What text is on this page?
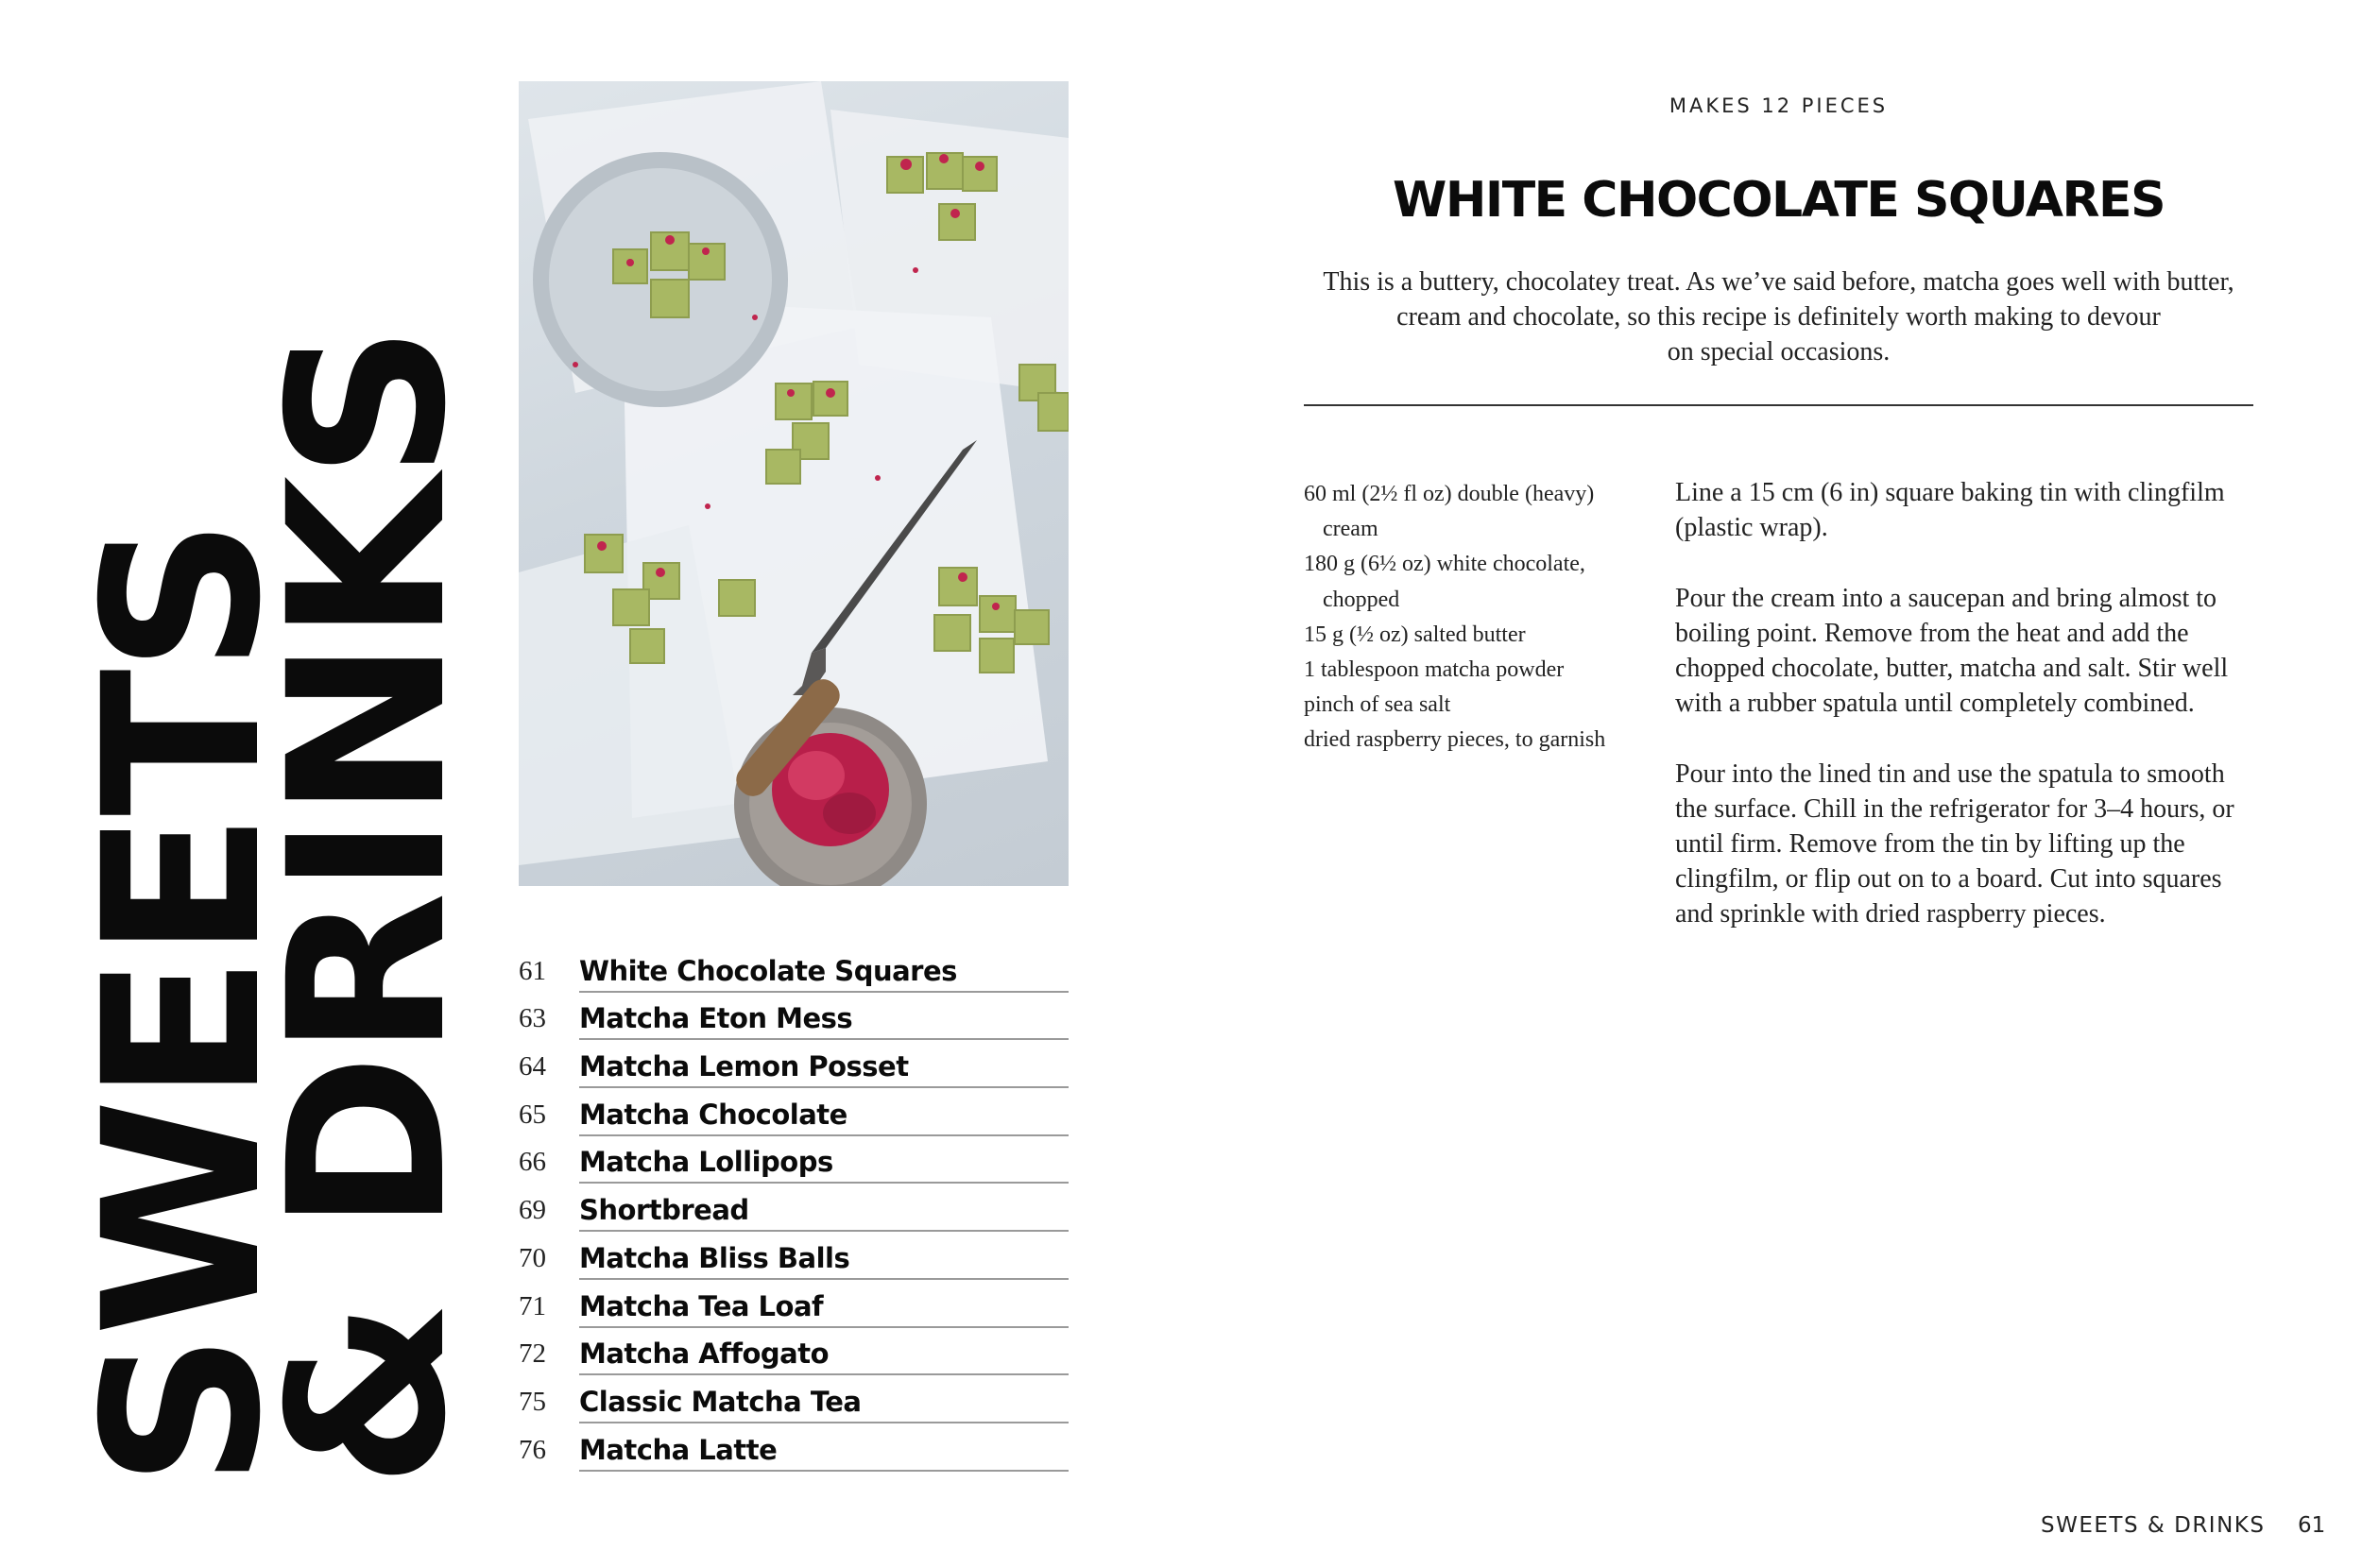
SWEETS
& DRINKS 61	White Chocolate Squares
63	Matcha Eton Mess
64	Matcha Lemon Posset
65	Matcha Chocolate
66	Matcha Lollipops
69	Shortbread
70	Matcha Bliss Balls
71	Matcha Tea Loaf
72	Matcha Affogato
75	Classic Matcha Tea
76	Matcha Latte
MAKES 12 PIECES
WHITE CHOCOLATE SQUARES
This is a buttery, chocolatey treat. As we’ve said before, matcha goes well with butter,
cream and chocolate, so this recipe is definitely worth making to devour
on special occasions.
60 ml (2½ fl oz) double (heavy) cream
180 g (6½ oz) white chocolate, chopped
15 g (½ oz) salted butter
1 tablespoon matcha powder
pinch of sea salt
dried raspberry pieces, to garnish

Line a 15 cm (6 in) square baking tin with clingfilm (plastic wrap).

Pour the cream into a saucepan and bring almost to boiling point. Remove from the heat and add the chopped chocolate, butter, matcha and salt. Stir well with a rubber spatula until completely combined.

Pour into the lined tin and use the spatula to smooth the surface. Chill in the refrigerator for 3–4 hours, or until firm. Remove from the tin by lifting up the clingfilm, or flip out on to a board. Cut into squares and sprinkle with dried raspberry pieces.

SWEETS & DRINKS 61
